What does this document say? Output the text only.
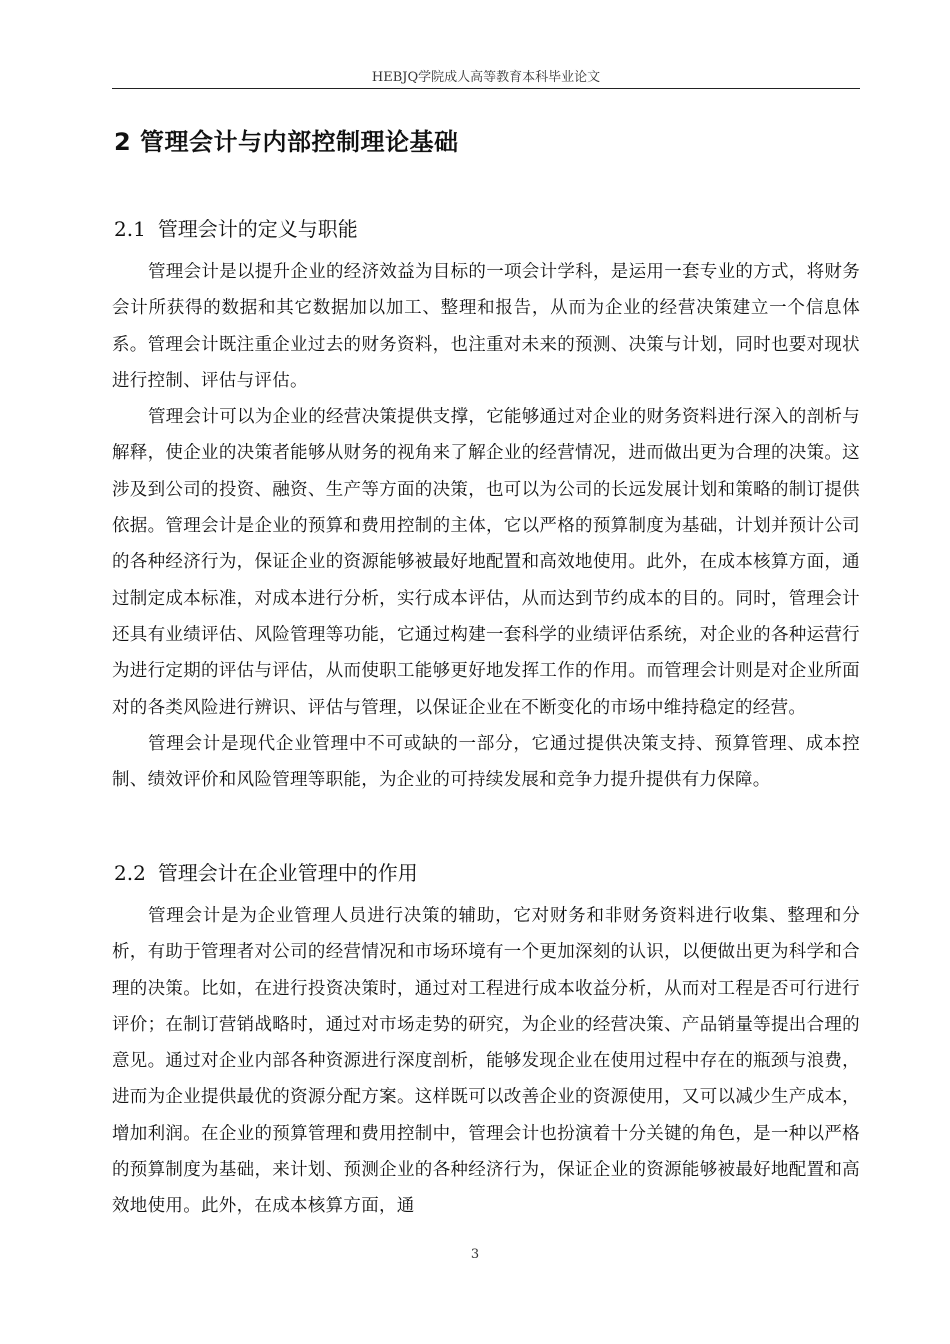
HEBJQ学院成人高等教育本科毕业论文
2 管理会计与内部控制理论基础
2.1 管理会计的定义与职能

管理会计是以提升企业的经济效益为目标的一项会计学科，是运用一套专业的方式，将财务会计所获得的数据和其它数据加以加工、整理和报告，从而为企业的经营决策建立一个信息体系。管理会计既注重企业过去的财务资料，也注重对未来的预测、决策与计划，同时也要对现状进行控制、评估与评估。

管理会计可以为企业的经营决策提供支撑，它能够通过对企业的财务资料进行深入的剖析与解释，使企业的决策者能够从财务的视角来了解企业的经营情况，进而做出更为合理的决策。这涉及到公司的投资、融资、生产等方面的决策，也可以为公司的长远发展计划和策略的制订提供依据。管理会计是企业的预算和费用控制的主体，它以严格的预算制度为基础，计划并预计公司的各种经济行为，保证企业的资源能够被最好地配置和高效地使用。此外，在成本核算方面，通过制定成本标准，对成本进行分析，实行成本评估，从而达到节约成本的目的。同时，管理会计还具有业绩评估、风险管理等功能，它通过构建一套科学的业绩评估系统，对企业的各种运营行为进行定期的评估与评估，从而使职工能够更好地发挥工作的作用。而管理会计则是对企业所面对的各类风险进行辨识、评估与管理，以保证企业在不断变化的市场中维持稳定的经营。

管理会计是现代企业管理中不可或缺的一部分，它通过提供决策支持、预算管理、成本控制、绩效评价和风险管理等职能，为企业的可持续发展和竞争力提升提供有力保障。

2.2 管理会计在企业管理中的作用

管理会计是为企业管理人员进行决策的辅助，它对财务和非财务资料进行收集、整理和分析，有助于管理者对公司的经营情况和市场环境有一个更加深刻的认识，以便做出更为科学和合理的决策。比如，在进行投资决策时，通过对工程进行成本收益分析，从而对工程是否可行进行评价；在制订营销战略时，通过对市场走势的研究，为企业的经营决策、产品销量等提出合理的意见。通过对企业内部各种资源进行深度剖析，能够发现企业在使用过程中存在的瓶颈与浪费，进而为企业提供最优的资源分配方案。这样既可以改善企业的资源使用，又可以减少生产成本，增加利润。在企业的预算管理和费用控制中，管理会计也扮演着十分关键的角色，是一种以严格的预算制度为基础，来计划、预测企业的各种经济行为，保证企业的资源能够被最好地配置和高效地使用。此外，在成本核算方面，通

3
